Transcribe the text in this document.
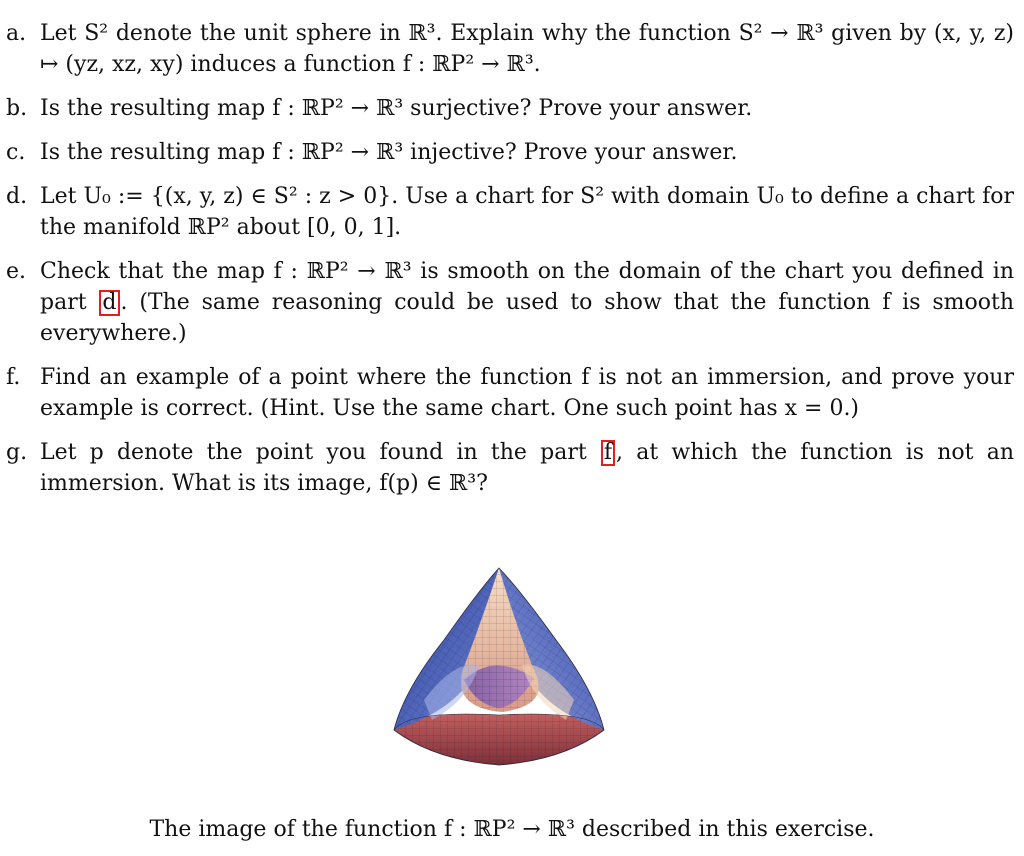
a. Let S² denote the unit sphere in ℝ³. Explain why the function S² → ℝ³ given by (x, y, z) ↦ (yz, xz, xy) induces a function f : ℝP² → ℝ³.
b. Is the resulting map f : ℝP² → ℝ³ surjective? Prove your answer.
c. Is the resulting map f : ℝP² → ℝ³ injective? Prove your answer.
d. Let U₀ := {(x, y, z) ∈ S² : z > 0}. Use a chart for S² with domain U₀ to define a chart for the manifold ℝP² about [0, 0, 1].
e. Check that the map f : ℝP² → ℝ³ is smooth on the domain of the chart you defined in part d . (The same reasoning could be used to show that the function f is smooth everywhere.)
f. Find an example of a point where the function f is not an immersion, and prove your example is correct. (Hint. Use the same chart. One such point has x = 0.)
g. Let p denote the point you found in the part f , at which the function is not an immersion. What is its image, f(p) ∈ ℝ³?
The image of the function f : ℝP² → ℝ³ described in this exercise.
